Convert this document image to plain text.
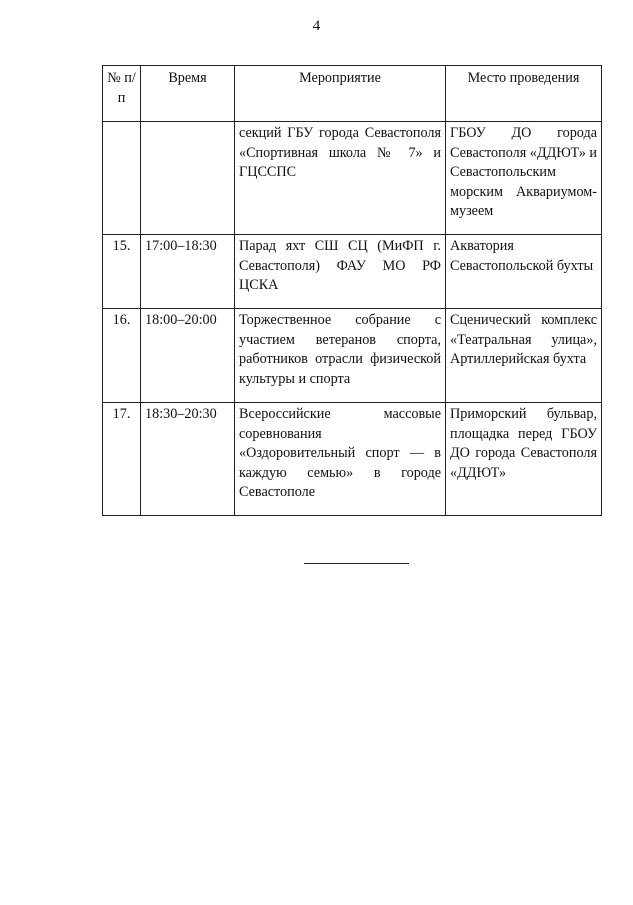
4
№ п/п	Время	Мероприятие	Место проведения
		секций ГБУ города Севастополя «Спортивная школа № 7» и ГЦССПС	ГБОУ ДО города Севастополя «ДДЮТ» и Севастопольским морским Аквариумом-музеем
15.	17:00–18:30	Парад яхт СШ СЦ (МиФП г. Севастополя) ФАУ МО РФ ЦСКА	Акватория Севастопольской бухты
16.	18:00–20:00	Торжественное собрание с участием ветеранов спорта, работников отрасли физической культуры и спорта	Сценический комплекс «Театральная улица», Артиллерийская бухта
17.	18:30–20:30	Всероссийские массовые соревнования «Оздоровительный спорт — в каждую семью» в городе Севастополе	Приморский бульвар, площадка перед ГБОУ ДО города Севастополя «ДДЮТ»
